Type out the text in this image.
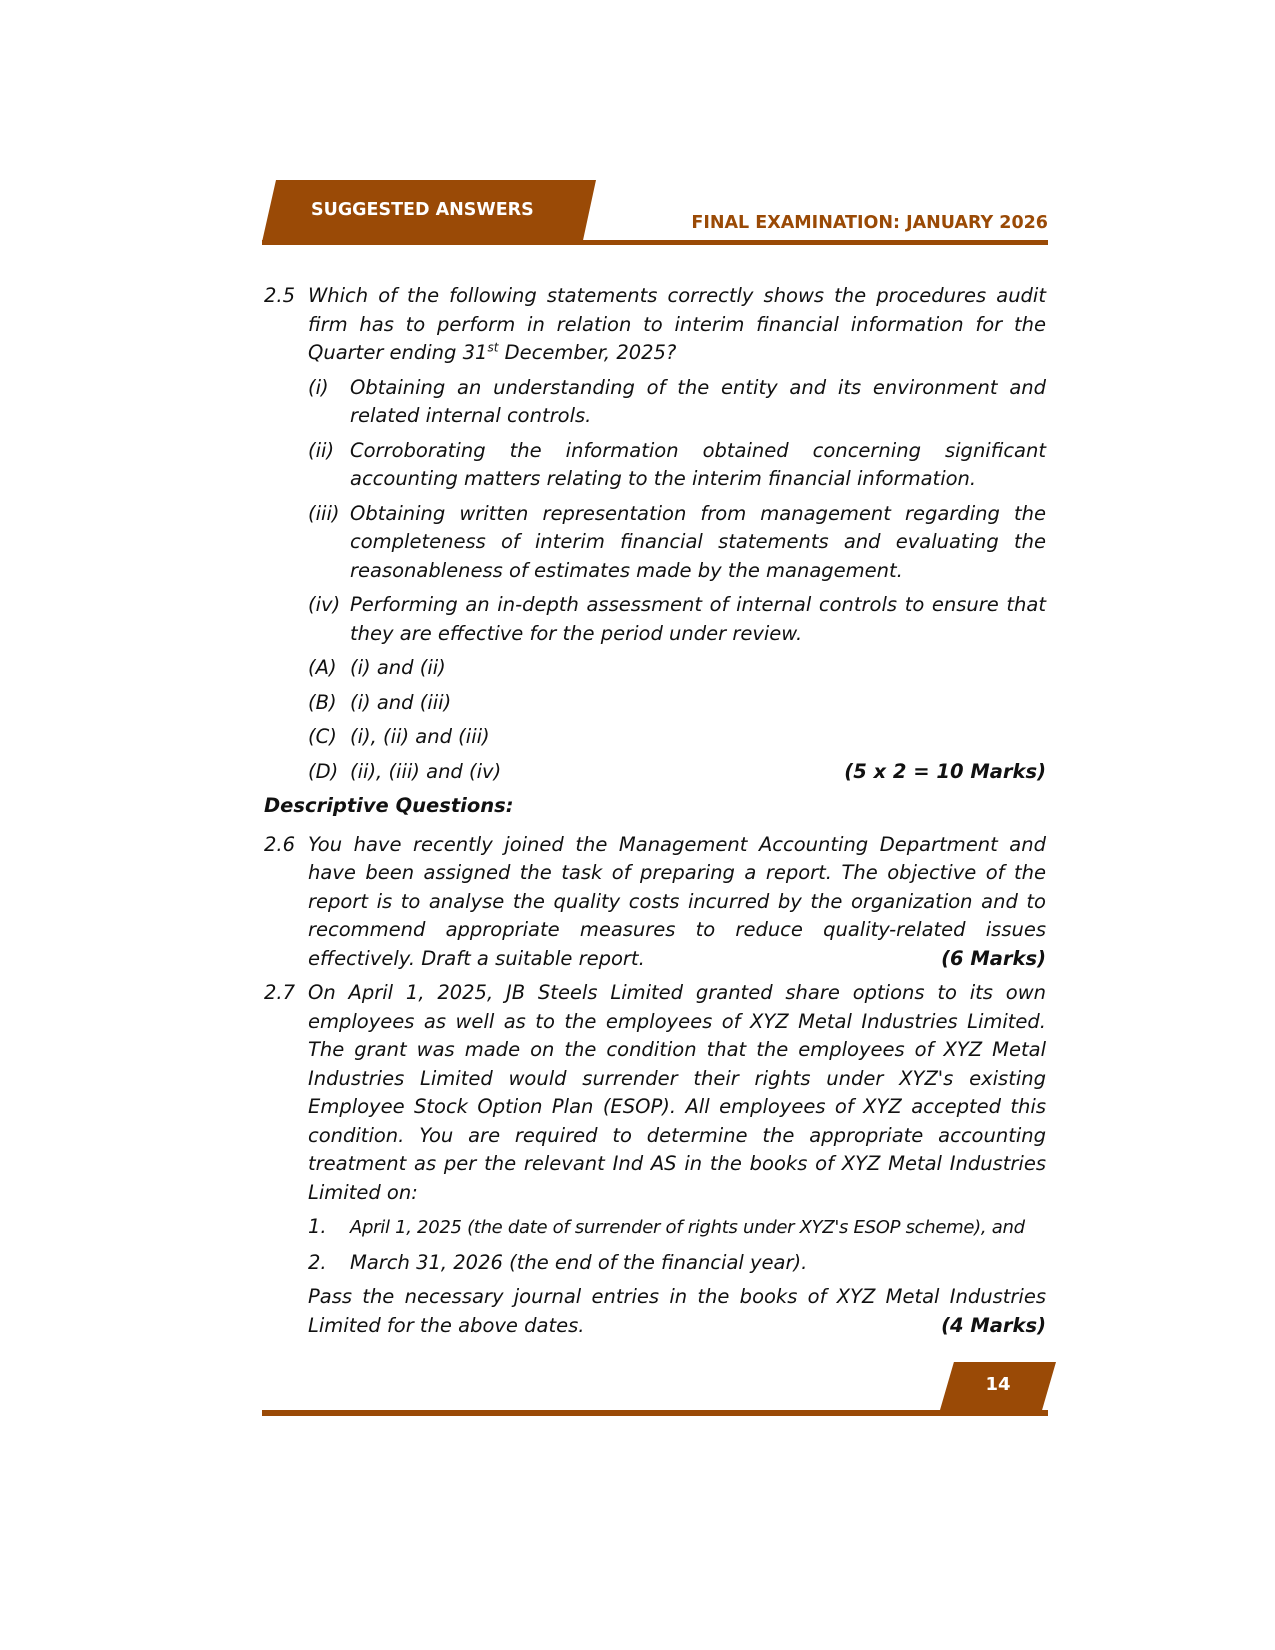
SUGGESTED ANSWERS
FINAL EXAMINATION: JANUARY 2026
2.5 Which of the following statements correctly shows the procedures audit firm has to perform in relation to interim financial information for the Quarter ending 31st December, 2025?
(i) Obtaining an understanding of the entity and its environment and related internal controls.
(ii) Corroborating the information obtained concerning significant accounting matters relating to the interim financial information.
(iii) Obtaining written representation from management regarding the completeness of interim financial statements and evaluating the reasonableness of estimates made by the management.
(iv) Performing an in-depth assessment of internal controls to ensure that they are effective for the period under review.
(A) (i) and (ii)
(B) (i) and (iii)
(C) (i), (ii) and (iii)
(D) (ii), (iii) and (iv)	(5 x 2 = 10 Marks)
Descriptive Questions:
2.6 You have recently joined the Management Accounting Department and have been assigned the task of preparing a report. The objective of the report is to analyse the quality costs incurred by the organization and to recommend appropriate measures to reduce quality-related issues effectively. Draft a suitable report.	(6 Marks)
2.7 On April 1, 2025, JB Steels Limited granted share options to its own employees as well as to the employees of XYZ Metal Industries Limited. The grant was made on the condition that the employees of XYZ Metal Industries Limited would surrender their rights under XYZ's existing Employee Stock Option Plan (ESOP). All employees of XYZ accepted this condition. You are required to determine the appropriate accounting treatment as per the relevant Ind AS in the books of XYZ Metal Industries Limited on:
1. April 1, 2025 (the date of surrender of rights under XYZ's ESOP scheme), and
2. March 31, 2026 (the end of the financial year).
Pass the necessary journal entries in the books of XYZ Metal Industries Limited for the above dates.	(4 Marks)
14
